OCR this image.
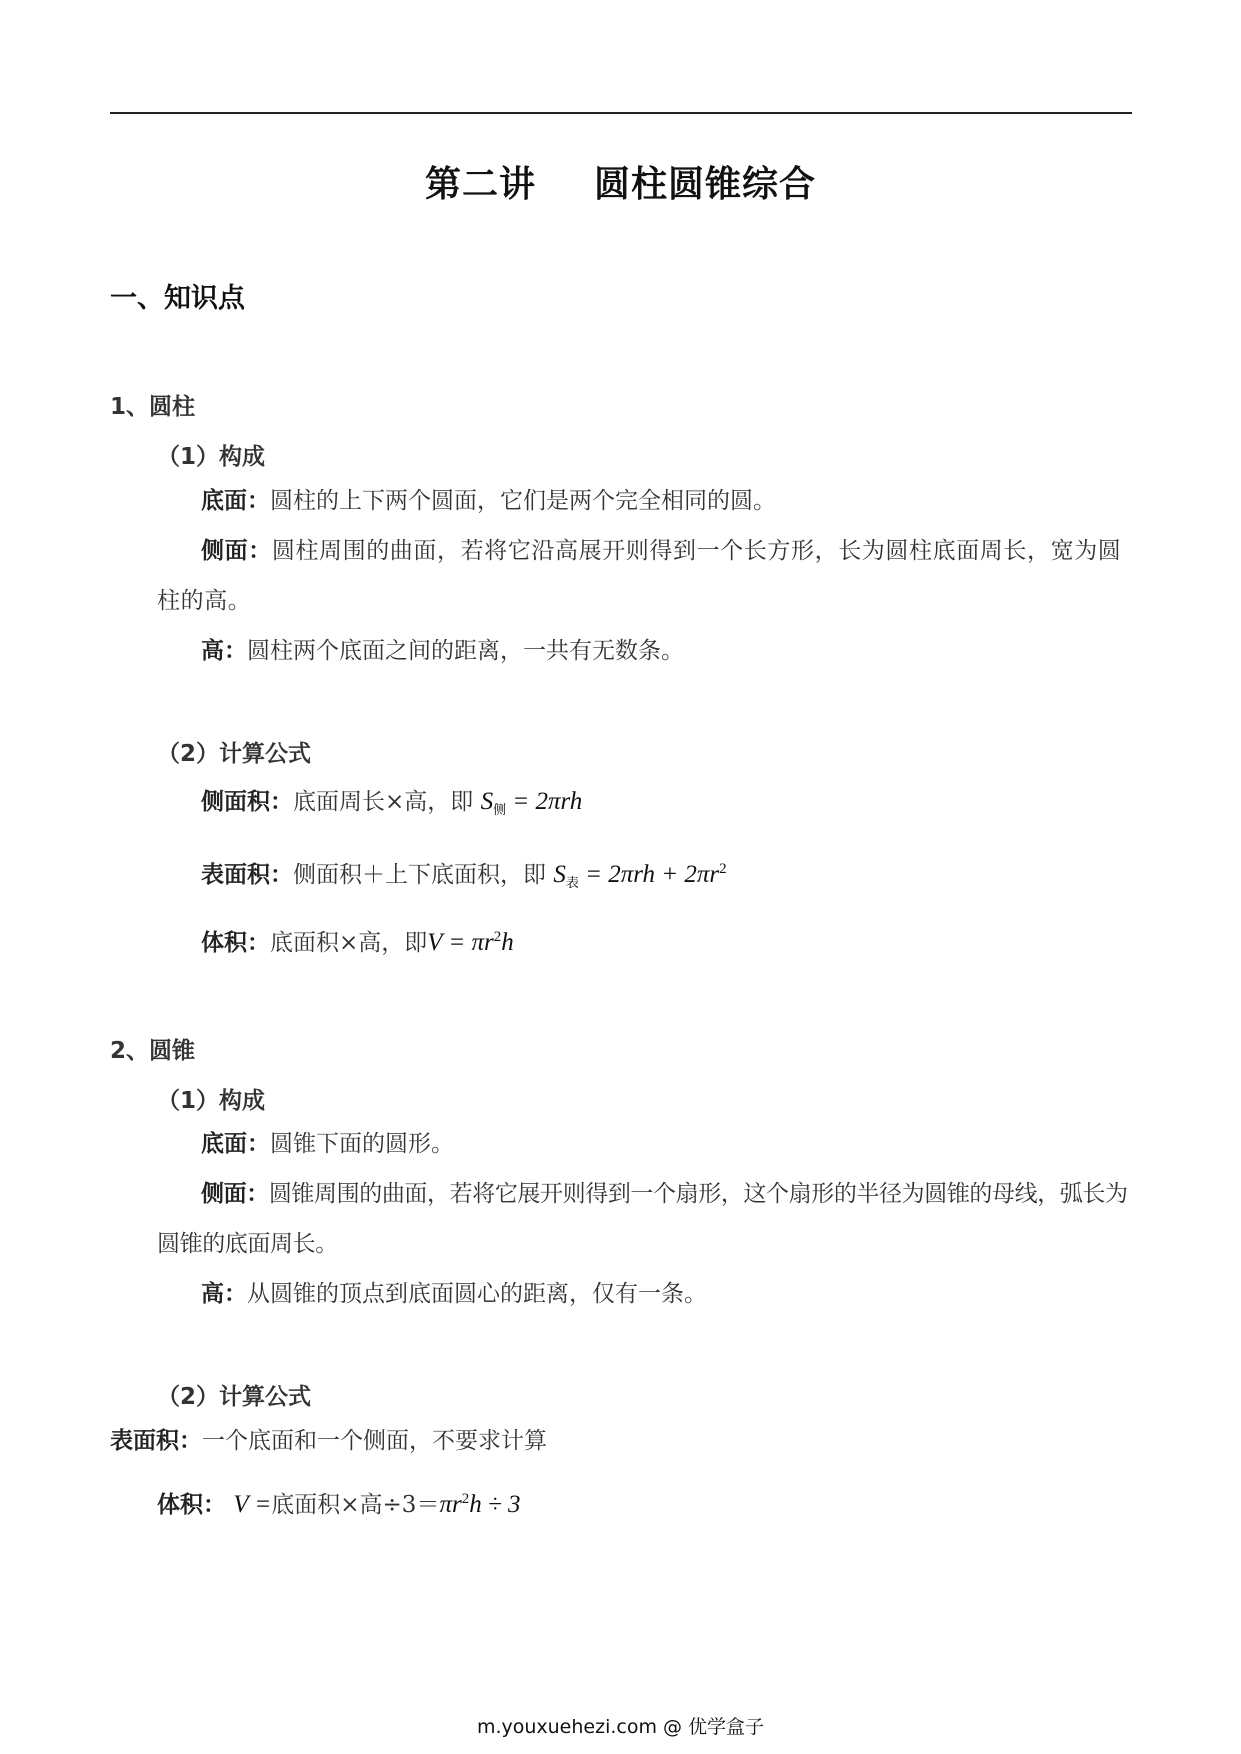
第二讲 圆柱圆锥综合
一、知识点
1、圆柱
（1）构成
底面：圆柱的上下两个圆面，它们是两个完全相同的圆。
侧面：圆柱周围的曲面，若将它沿高展开则得到一个长方形，长为圆柱底面周长，宽为圆柱的高。
高：圆柱两个底面之间的距离，一共有无数条。
（2）计算公式
侧面积：底面周长×高，即 $S_侧 = 2\pi rh$
表面积：侧面积＋上下底面积，即 $S_表 = 2\pi rh + 2\pi r^2$
体积：底面积×高，即$V = \pi r^2h$
2、圆锥
（1）构成
底面：圆锥下面的圆形。
侧面：圆锥周围的曲面，若将它展开则得到一个扇形，这个扇形的半径为圆锥的母线，弧长为圆锥的底面周长。
高：从圆锥的顶点到底面圆心的距离，仅有一条。
（2）计算公式
表面积：一个底面和一个侧面，不要求计算
体积： V =底面积×高$\div 3=\pi r^2h \div 3$
m.youxuehezi.com @ 优学盒子
